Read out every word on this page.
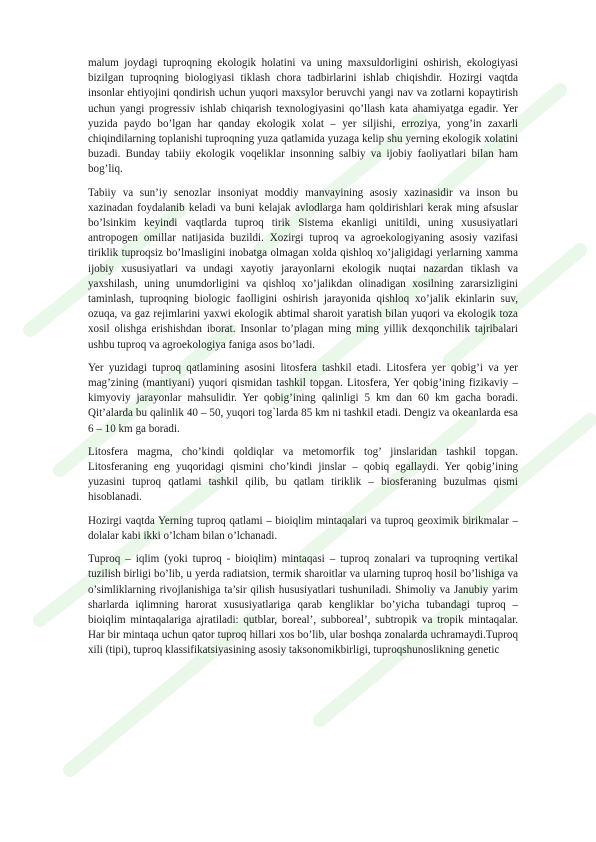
malum joydagi tuproqning ekologik holatini va uning maxsuldorligini oshirish, ekologiyasi bizilgan tuproqning biologiyasi tiklash chora tadbirlarini ishlab chiqishdir. Hozirgi vaqtda insonlar ehtiyojini qondirish uchun yuqori maxsylor beruvchi yangi nav va zotlarni kopaytirish uchun yangi progressiv ishlab chiqarish texnologiyasini qo’llash kata ahamiyatga egadir. Yer yuzida paydo bo’lgan har qanday ekologik xolat – yer siljishi, erroziya, yong’in zaxarli chiqindilarning toplanishi tuproqning yuza qatlamida yuzaga kelip shu yerning ekologik xolatini buzadi. Bunday tabiiy ekologik voqeliklar insonning salbiy va ijobiy faoliyatlari bilan ham bog’liq.

Tabiiy va sun’iy senozlar insoniyat moddiy manvayining asosiy xazinasidir va inson bu xazinadan foydalanib keladi va buni kelajak avlodlarga ham qoldirishlari kerak ming afsuslar bo’lsinkim keyindi vaqtlarda tuproq tirik Sistema ekanligi unitildi, uning xususiyatlari antropogen omillar natijasida buzildi. Xozirgi tuproq va agroekologiyaning asosiy vazifasi tiriklik tuproqsiz bo’lmasligini inobatga olmagan xolda qishloq xo’jaligidagi yerlarning xamma ijobiy xususiyatlari va undagi xayotiy jarayonlarni ekologik nuqtai nazardan tiklash va yaxshilash, uning unumdorligini va qishloq xo’jalikdan olinadigan xosilning zararsizligini taminlash, tuproqning biologic faolligini oshirish jarayonida qishloq xo’jalik ekinlarin suv, ozuqa, va gaz rejimlarini yaxwi ekologik abtimal sharoit yaratish bilan yuqori va ekologik toza xosil olishga erishishdan iborat. Insonlar to’plagan ming ming yillik dexqonchilik tajribalari ushbu tuproq va agroekologiya faniga asos bo’ladi.

Yer yuzidagi tuproq qatlamining asosini litosfera tashkil etadi. Litosfera yer qobig’i va yer mag’zining (mantiyani) yuqori qismidan tashkil topgan. Litosfera, Yer qobig’ining fizikaviy – kimyoviy jarayonlar mahsulidir. Yer qobig’ining qalinligi 5 km dan 60 km gacha boradi. Qit’alarda bu qalinlik 40 – 50, yuqori tog`larda 85 km ni tashkil etadi. Dengiz va okeanlarda esa 6 – 10 km ga boradi.

Litosfera magma, cho’kindi qoldiqlar va metomorfik tog’ jinslaridan tashkil topgan. Litosferaning eng yuqoridagi qismini cho’kindi jinslar – qobiq egallaydi. Yer qobig’ining yuzasini tuproq qatlami tashkil qilib, bu qatlam tiriklik – biosferaning buzulmas qismi hisoblanadi.

Hozirgi vaqtda Yerning tuproq qatlami – bioiqlim mintaqalari va tuproq geoximik birikmalar – dolalar kabi ikki o’lcham bilan o’lchanadi.

Tuproq – iqlim (yoki tuproq - bioiqlim) mintaqasi – tuproq zonalari va tuproqning vertikal tuzilish birligi bo’lib, u yerda radiatsion, termik sharoitlar va ularning tuproq hosil bo’lishiga va o’simliklarning rivojlanishiga ta’sir qilish hususiyatlari tushuniladi. Shimoliy va Janubiy yarim sharlarda iqlimning harorat xususiyatlariga qarab kengliklar bo’yicha tubandagi tuproq – bioiqlim mintaqalariga ajratiladi: qutblar, boreal’, subboreal’, subtropik va tropik mintaqalar. Har bir mintaqa uchun qator tuproq hillari xos bo’lib, ular boshqa zonalarda uchramaydi.Tuproq xili (tipi), tuproq klassifikatsiyasining asosiy taksonomikbirligi, tuproqshunoslikning genetic
